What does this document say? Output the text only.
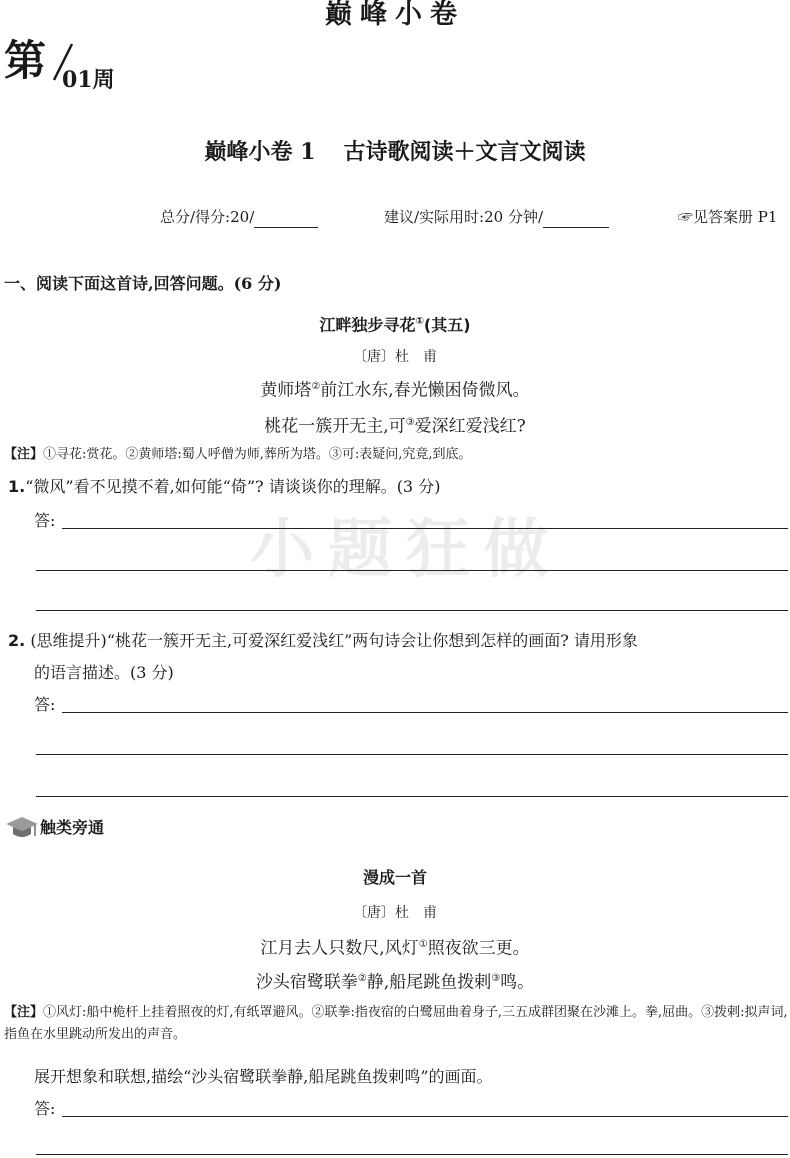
巅峰小卷
第 01周
巅峰小卷 1 古诗歌阅读＋文言文阅读
总分/得分:20/	建议/实际用时:20 分钟/	☞见答案册 P1
一、阅读下面这首诗,回答问题。(6 分)
江畔独步寻花①(其五)
〔唐〕杜　甫
黄师塔②前江水东,春光懒困倚微风。
桃花一簇开无主,可③爱深红爱浅红?
【注】①寻花:赏花。②黄师塔:蜀人呼僧为师,葬所为塔。③可:表疑问,究竟,到底。
小题狂做
1.“微风”看不见摸不着,如何能“倚”? 请谈谈你的理解。(3 分)
答:
2. (思维提升)“桃花一簇开无主,可爱深红爱浅红”两句诗会让你想到怎样的画面? 请用形象
的语言描述。(3 分)
答:
触类旁通
漫成一首
〔唐〕杜　甫
江月去人只数尺,风灯①照夜欲三更。
沙头宿鹭联拳②静,船尾跳鱼拨剌③鸣。
【注】①风灯:船中桅杆上挂着照夜的灯,有纸罩避风。②联拳:指夜宿的白鹭屈曲着身子,三五成群团聚在沙滩上。拳,屈曲。③拨剌:拟声词,指鱼在水里跳动所发出的声音。
展开想象和联想,描绘“沙头宿鹭联拳静,船尾跳鱼拨剌鸣”的画面。
答:
